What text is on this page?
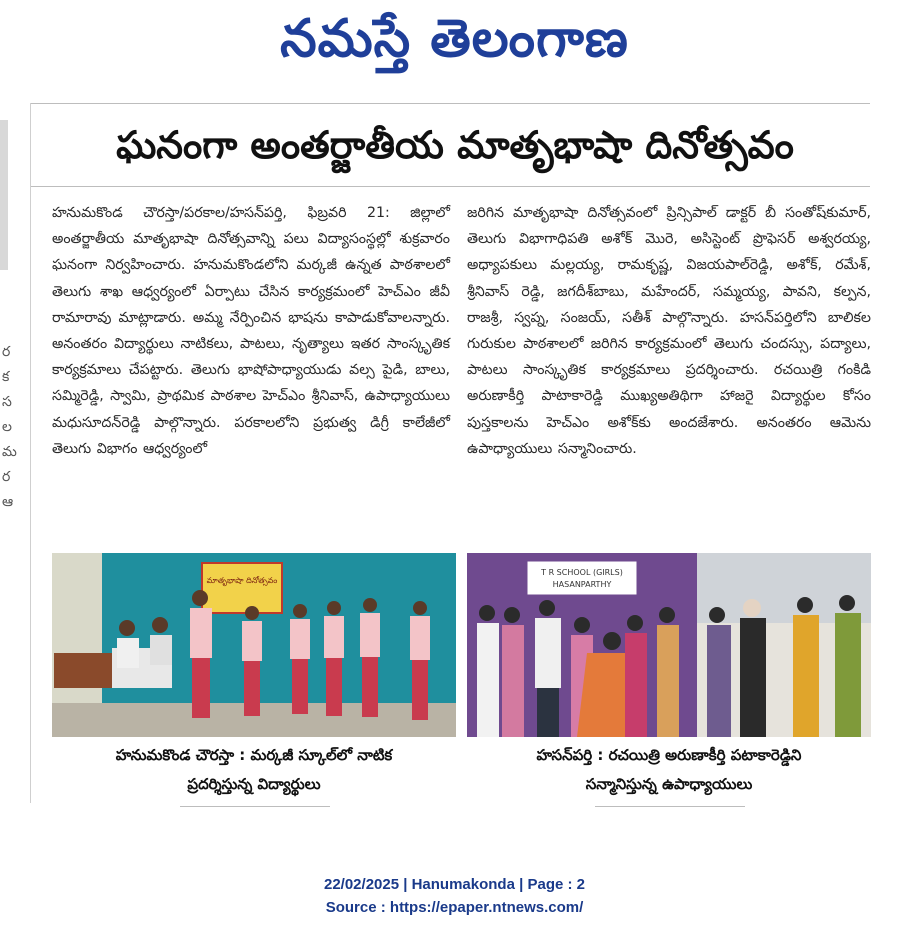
నమస్తే తెలంగాణ
ర
క
స
ల
మ
ర
ఆ
ఘనంగా అంతర్జాతీయ మాతృభాషా దినోత్సవం
హనుమకొండ చౌరస్తా/పరకాల/హసన్‌పర్తి, ఫిబ్రవరి 21: జిల్లాలో అంతర్జాతీయ మాతృభాషా దినోత్సవాన్ని పలు విద్యాసంస్థల్లో శుక్రవారం ఘనంగా నిర్వహించారు. హనుమకొండలోని మర్కజీ ఉన్నత పాఠశాలలో తెలుగు శాఖ ఆధ్వర్యంలో ఏర్పాటు చేసిన కార్యక్రమంలో హెచ్‌ఎం జీవీ రామారావు మాట్లాడారు. అమ్మ నేర్పించిన భాషను కాపాడుకోవాలన్నారు. అనంతరం విద్యార్థులు నాటికలు, పాటలు, నృత్యాలు ఇతర సాంస్కృతిక కార్యక్రమాలు చేపట్టారు. తెలుగు భాషోపాధ్యాయుడు వల్స పైడి, బాలు, సమ్మిరెడ్డి, స్వామి, ప్రాథమిక పాఠశాల హెచ్‌ఎం శ్రీనివాస్, ఉపాధ్యాయులు మధుసూదన్‌రెడ్డి పాల్గొన్నారు. పరకాలలోని ప్రభుత్వ డిగ్రీ కాలేజీలో తెలుగు విభాగం ఆధ్వర్యంలో
జరిగిన మాతృభాషా దినోత్సవంలో ప్రిన్సిపాల్ డాక్టర్ బీ సంతోష్‌కుమార్, తెలుగు విభాగాధిపతి అశోక్ మొరె, అసిస్టెంట్ ప్రొఫెసర్ అశ్వరయ్య, అధ్యాపకులు మల్లయ్య, రామకృష్ణ, విజయపాల్‌రెడ్డి, అశోక్, రమేశ్, శ్రీనివాస్ రెడ్డి, జగదీశ్‌బాబు, మహేందర్, సమ్మయ్య, పావని, కల్పన, రాజశ్రీ, స్వప్న, సంజయ్, సతీశ్ పాల్గొన్నారు. హసన్‌పర్తిలోని బాలికల గురుకుల పాఠశాలలో జరిగిన కార్యక్రమంలో తెలుగు చందస్సు, పద్యాలు, పాటలు సాంస్కృతిక కార్యక్రమాలు ప్రదర్శించారు. రచయిత్రి గంకిడి అరుణాకీర్తి పాటాకారెడ్డి ముఖ్యఅతిథిగా హాజరై విద్యార్థుల కోసం పుస్తకాలను హెచ్‌ఎం అశోక్‌కు అందజేశారు. అనంతరం ఆమెను ఉపాధ్యాయులు సన్మానించారు.
మాతృభాషా దినోత్సవం
T R SCHOOL (GIRLS)
HASANPARTHY
హనుమకొండ చౌరస్తా : మర్కజీ స్కూల్‌లో నాటిక
ప్రదర్శిస్తున్న విద్యార్థులు
హసన్‌పర్తి : రచయిత్రి అరుణాకీర్తి పటాకారెడ్డిని
సన్మానిస్తున్న ఉపాధ్యాయులు
22/02/2025 | Hanumakonda | Page : 2
Source : https://epaper.ntnews.com/
